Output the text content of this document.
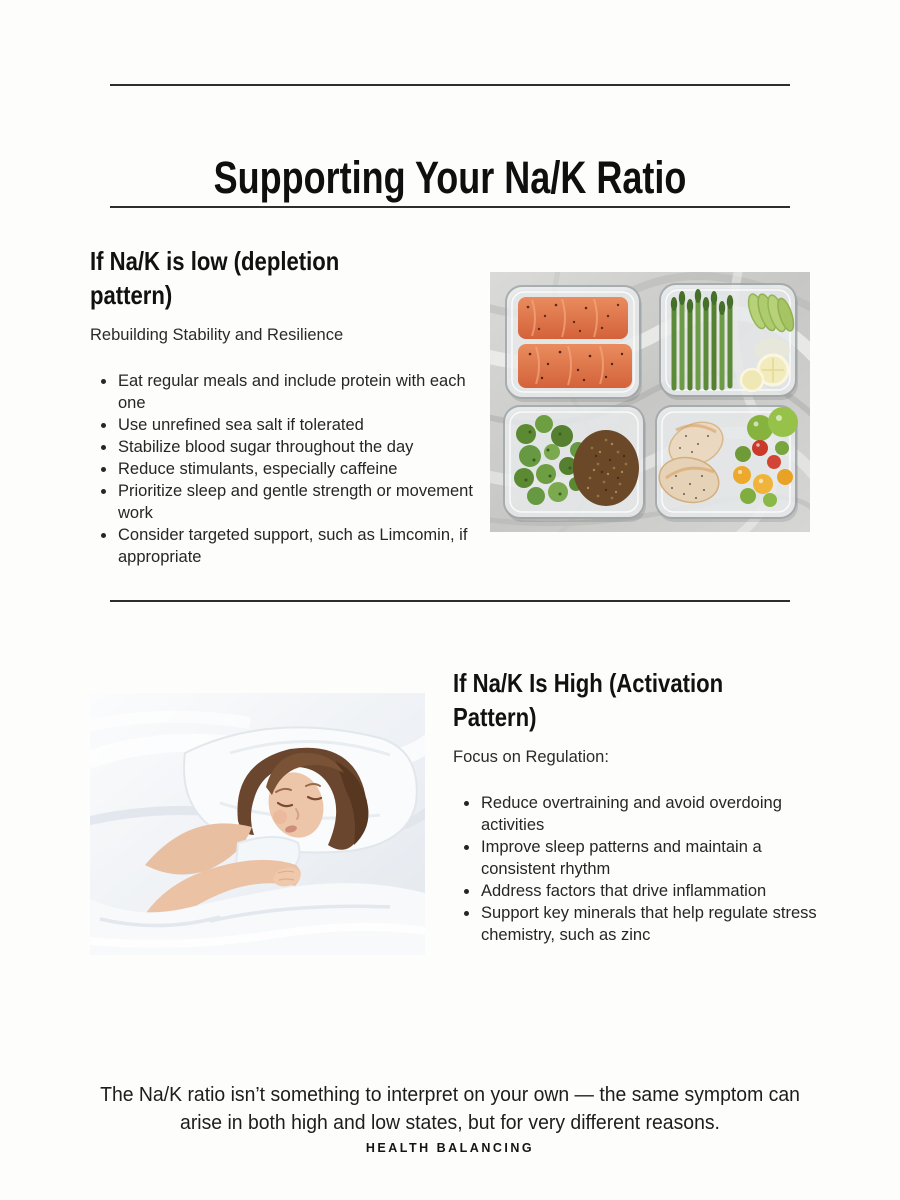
Supporting Your Na/K Ratio
If Na/K is low (depletion pattern)

Rebuilding Stability and Resilience

• Eat regular meals and include protein with each one
• Use unrefined sea salt if tolerated
• Stabilize blood sugar throughout the day
• Reduce stimulants, especially caffeine
• Prioritize sleep and gentle strength or movement work
• Consider targeted support, such as Limcomin, if appropriate
If Na/K Is High (Activation Pattern)

Focus on Regulation:

• Reduce overtraining and avoid overdoing activities
• Improve sleep patterns and maintain a consistent rhythm
• Address factors that drive inflammation
• Support key minerals that help regulate stress chemistry, such as zinc

The Na/K ratio isn’t something to interpret on your own — the same symptom can arise in both high and low states, but for very different reasons.

HEALTH BALANCING
